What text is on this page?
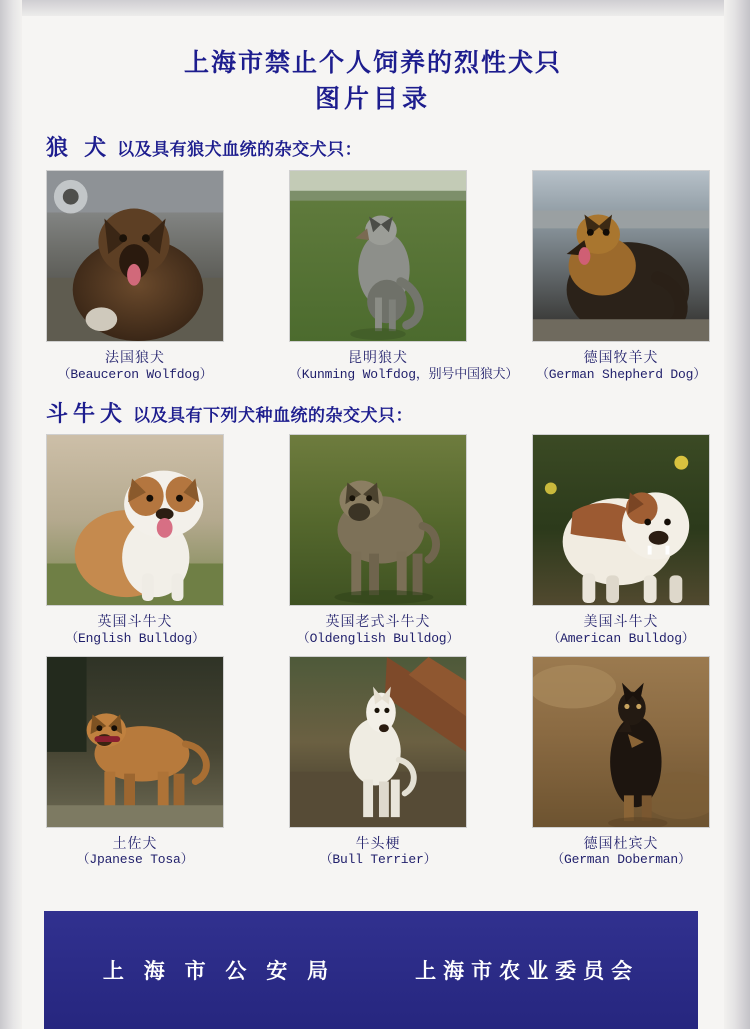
上海市禁止个人饲养的烈性犬只
图片目录
狼 犬 以及具有狼犬血统的杂交犬只：
法国狼犬
（Beauceron Wolfdog）
昆明狼犬
（Kunming Wolfdog，别号中国狼犬）
德国牧羊犬
（German Shepherd Dog）
斗牛犬 以及具有下列犬种血统的杂交犬只：
英国斗牛犬
（English Bulldog）
英国老式斗牛犬
（Oldenglish Bulldog）
美国斗牛犬
（American Bulldog）
土佐犬
（Jpanese Tosa）
牛头梗
（Bull Terrier）
德国杜宾犬
（German Doberman）
上 海 市 公 安 局	上海市农业委员会
